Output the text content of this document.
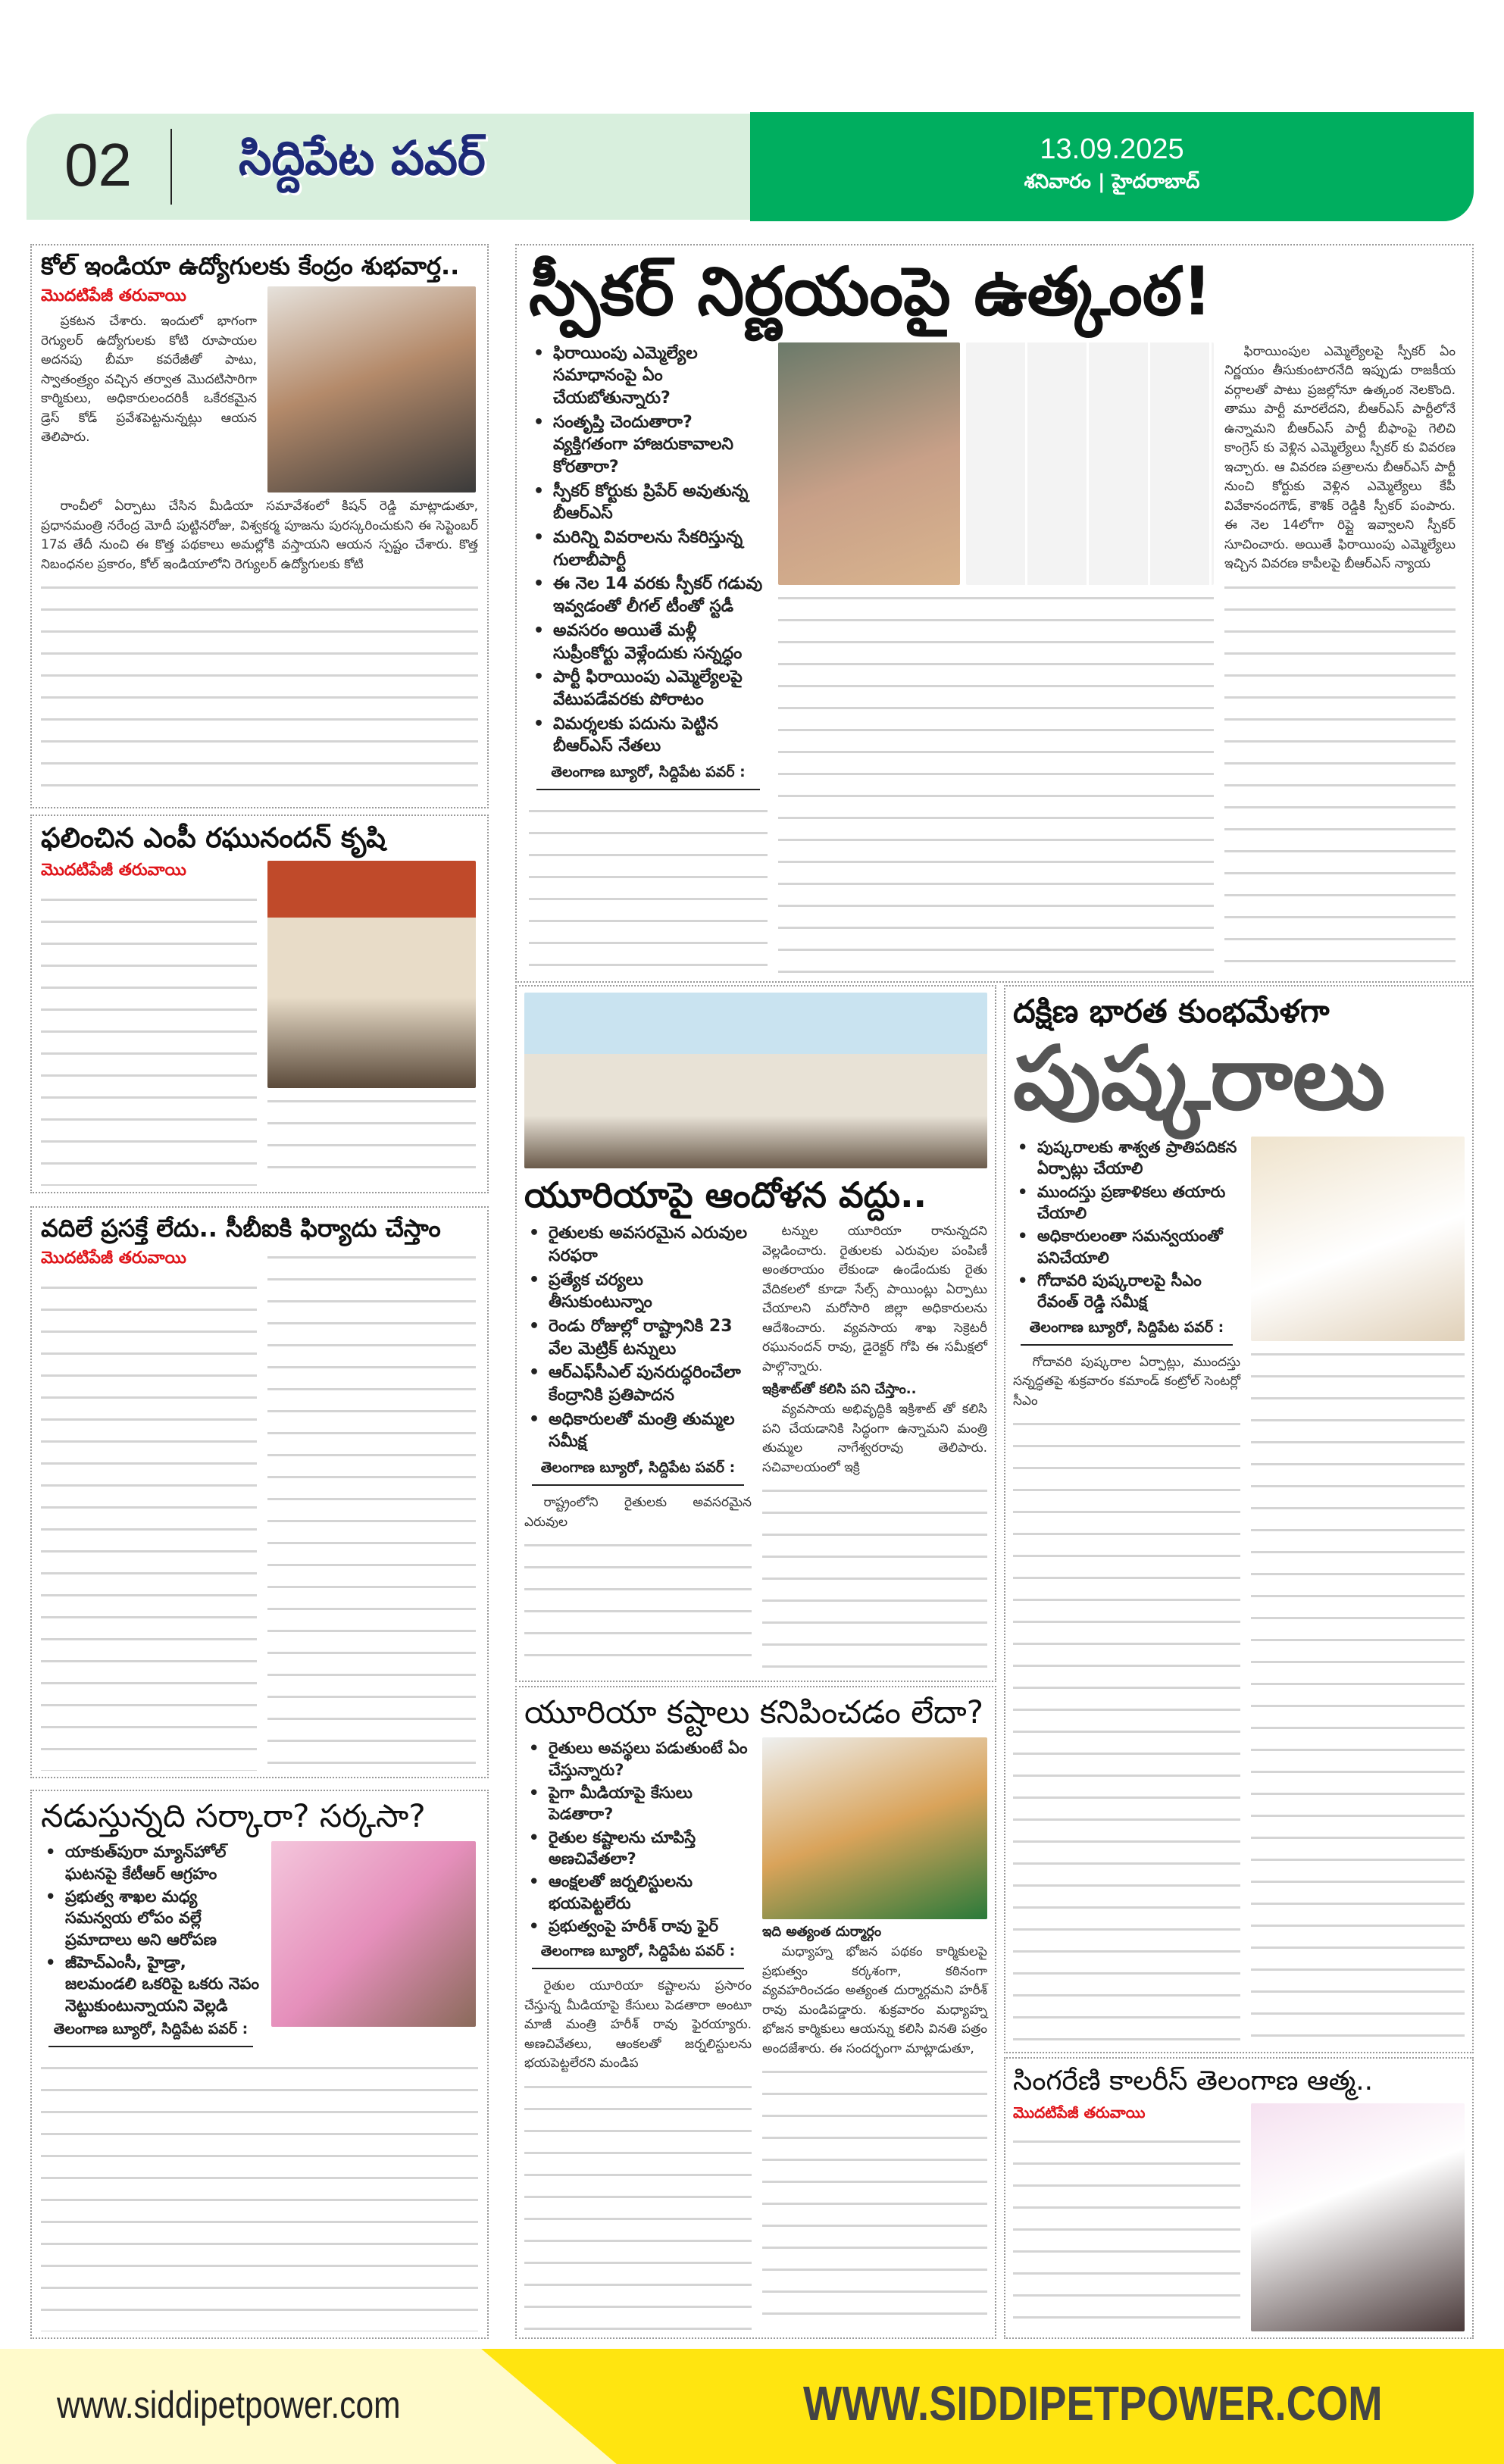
13.09.2025
శనివారం | హైదరాబాద్
02 సిద్దిపేట పవర్
కోల్ ఇండియా ఉద్యోగులకు కేంద్రం శుభవార్త..
మొదటిపేజీ తరువాయి

ప్రకటన చేశారు. ఇందులో భాగంగా రెగ్యులర్ ఉద్యోగులకు కోటి రూపాయల అదనపు బీమా కవరేజీతో పాటు, స్వాతంత్ర్యం వచ్చిన తర్వాత మొదటిసారిగా కార్మికులు, అధికారులందరికీ ఒకేరకమైన డ్రెస్ కోడ్ ప్రవేశపెట్టనున్నట్లు ఆయన తెలిపారు.

రాంచీలో ఏర్పాటు చేసిన మీడియా సమావేశంలో కిషన్ రెడ్డి మాట్లాడుతూ, ప్రధానమంత్రి నరేంద్ర మోదీ పుట్టినరోజు, విశ్వకర్మ పూజను పురస్కరించుకుని ఈ సెప్టెంబర్ 17వ తేదీ నుంచి ఈ కొత్త పథకాలు అమల్లోకి వస్తాయని ఆయన స్పష్టం చేశారు. కొత్త నిబంధనల ప్రకారం, కోల్ ఇండియాలోని రెగ్యులర్ ఉద్యోగులకు కోటి

ఫలించిన ఎంపీ రఘునందన్ కృషి
మొదటిపేజీ తరువాయి
వదిలే ప్రసక్తే లేదు.. సీబీఐకి ఫిర్యాదు చేస్తాం
మొదటిపేజీ తరువాయి
నడుస్తున్నది సర్కారా? సర్కసా?
• యాకుత్‌పురా మ్యాన్‌హోల్ ఘటనపై కేటీఆర్ ఆగ్రహం
• ప్రభుత్వ శాఖల మధ్య సమన్వయ లోపం వల్లే ప్రమాదాలు అని ఆరోపణ
• జీహెచ్ఎంసీ, హైడ్రా, జలమండలి ఒకరిపై ఒకరు నెపం నెట్టుకుంటున్నాయని వెల్లడి
తెలంగాణ బ్యూరో, సిద్దిపేట పవర్ :
స్పీకర్ నిర్ణయంపై ఉత్కంఠ!
• ఫిరాయింపు ఎమ్మెల్యేల సమాధానంపై ఏం చేయబోతున్నారు?
• సంతృప్తి చెందుతారా? వ్యక్తిగతంగా హాజరుకావాలని కోరతారా?
• స్పీకర్ కోర్టుకు ప్రిపేర్ అవుతున్న బీఆర్ఎస్
• మరిన్ని వివరాలను సేకరిస్తున్న గులాబీపార్టీ
• ఈ నెల 14 వరకు స్పీకర్ గడువు ఇవ్వడంతో లీగల్ టీంతో స్టడీ
• అవసరం అయితే మళ్లీ సుప్రీంకోర్టు వెళ్లేందుకు సన్నద్ధం
• పార్టీ ఫిరాయింపు ఎమ్మెల్యేలపై వేటుపడేవరకు పోరాటం
• విమర్శలకు పదును పెట్టిన బీఆర్ఎస్ నేతలు
తెలంగాణ బ్యూరో, సిద్దిపేట పవర్ :

ఫిరాయింపుల ఎమ్మెల్యేలపై స్పీకర్ ఏం నిర్ణయం తీసుకుంటారనేది ఇప్పుడు రాజకీయ వర్గాలతో పాటు ప్రజల్లోనూ ఉత్కంఠ నెలకొంది. తాము పార్టీ మారలేదని, బీఆర్ఎస్ పార్టీలోనే ఉన్నామని బీఆర్ఎస్ పార్టీ బీఫాంపై గెలిచి కాంగ్రెస్ కు వెళ్లిన ఎమ్మెల్యేలు స్పీకర్ కు వివరణ ఇచ్చారు. ఆ వివరణ పత్రాలను బీఆర్ఎస్ పార్టీ నుంచి కోర్టుకు వెళ్లిన ఎమ్మెల్యేలు కేపీ వివేకానందగౌడ్, కౌశిక్ రెడ్డికి స్పీకర్ పంపారు. ఈ నెల 14లోగా రిప్లై ఇవ్వాలని స్పీకర్ సూచించారు. అయితే ఫిరాయింపు ఎమ్మెల్యేలు ఇచ్చిన వివరణ కాపీలపై బీఆర్ఎస్ న్యాయ

యూరియాపై ఆందోళన వద్దు..
• రైతులకు అవసరమైన ఎరువుల సరఫరా
• ప్రత్యేక చర్యలు తీసుకుంటున్నాం
• రెండు రోజుల్లో రాష్ట్రానికి 23 వేల మెట్రిక్ టన్నులు
• ఆర్ఎఫ్‌సీఎల్ పునరుద్ధరించేలా కేంద్రానికి ప్రతిపాదన
• అధికారులతో మంత్రి తుమ్మల సమీక్ష
తెలంగాణ బ్యూరో, సిద్దిపేట పవర్ :

రాష్ట్రంలోని రైతులకు అవసరమైన ఎరువుల

టన్నుల యూరియా రానున్నదని వెల్లడించారు. రైతులకు ఎరువుల పంపిణీ అంతరాయం లేకుండా ఉండేందుకు రైతు వేదికలలో కూడా సేల్స్ పాయింట్లు ఏర్పాటు చేయాలని మరోసారి జిల్లా అధికారులను ఆదేశించారు. వ్యవసాయ శాఖ సెక్రెటరీ రఘునందన్ రావు, డైరెక్టర్ గోపి ఈ సమీక్షలో పాల్గొన్నారు.

ఇక్రిశాట్‌తో కలిసి పని చేస్తాం..

వ్యవసాయ అభివృద్ధికి ఇక్రిశాట్ తో కలిసి పని చేయడానికి సిద్ధంగా ఉన్నామని మంత్రి తుమ్మల నాగేశ్వరరావు తెలిపారు. సచివాలయంలో ఇక్రి

దక్షిణ భారత కుంభమేళగా
పుష్కరాలు
• పుష్కరాలకు శాశ్వత ప్రాతిపదికన ఏర్పాట్లు చేయాలి
• ముందస్తు ప్రణాళికలు తయారు చేయాలి
• అధికారులంతా సమన్వయంతో పనిచేయాలి
• గోదావరి పుష్కరాలపై సీఎం రేవంత్ రెడ్డి సమీక్ష
తెలంగాణ బ్యూరో, సిద్దిపేట పవర్ :

గోదావరి పుష్కరాల ఏర్పాట్లు, ముందస్తు సన్నద్ధతపై శుక్రవారం కమాండ్ కంట్రోల్ సెంటర్లో సీఎం

యూరియా కష్టాలు కనిపించడం లేదా?
• రైతులు అవస్థలు పడుతుంటే ఏం చేస్తున్నారు?
• పైగా మీడియాపై కేసులు పెడతారా?
• రైతుల కష్టాలను చూపిస్తే అణచివేతలా?
• ఆంక్షలతో జర్నలిస్టులను భయపెట్టలేరు
• ప్రభుత్వంపై హరీశ్ రావు ఫైర్
తెలంగాణ బ్యూరో, సిద్దిపేట పవర్ :

రైతుల యూరియా కష్టాలను ప్రసారం చేస్తున్న మీడియాపై కేసులు పెడతారా అంటూ మాజీ మంత్రి హరీశ్ రావు ఫైరయ్యారు. అణచివేతలు, ఆంకలతో జర్నలిస్టులను భయపెట్టలేరని మండిప

ఇది అత్యంత దుర్మార్గం

మధ్యాహ్న భోజన పథకం కార్మికులపై ప్రభుత్వం కర్కశంగా, కఠినంగా వ్యవహరించడం అత్యంత దుర్మార్గమని హరీశ్ రావు మండిపడ్డారు. శుక్రవారం మధ్యాహ్న భోజన కార్మికులు ఆయన్ను కలిసి వినతి పత్రం అందజేశారు. ఈ సందర్భంగా మాట్లాడుతూ,

సింగరేణి కాలరీస్ తెలంగాణ ఆత్మ..
మొదటిపేజీ తరువాయి
www.siddipetpower.com	WWW.SIDDIPETPOWER.COM
